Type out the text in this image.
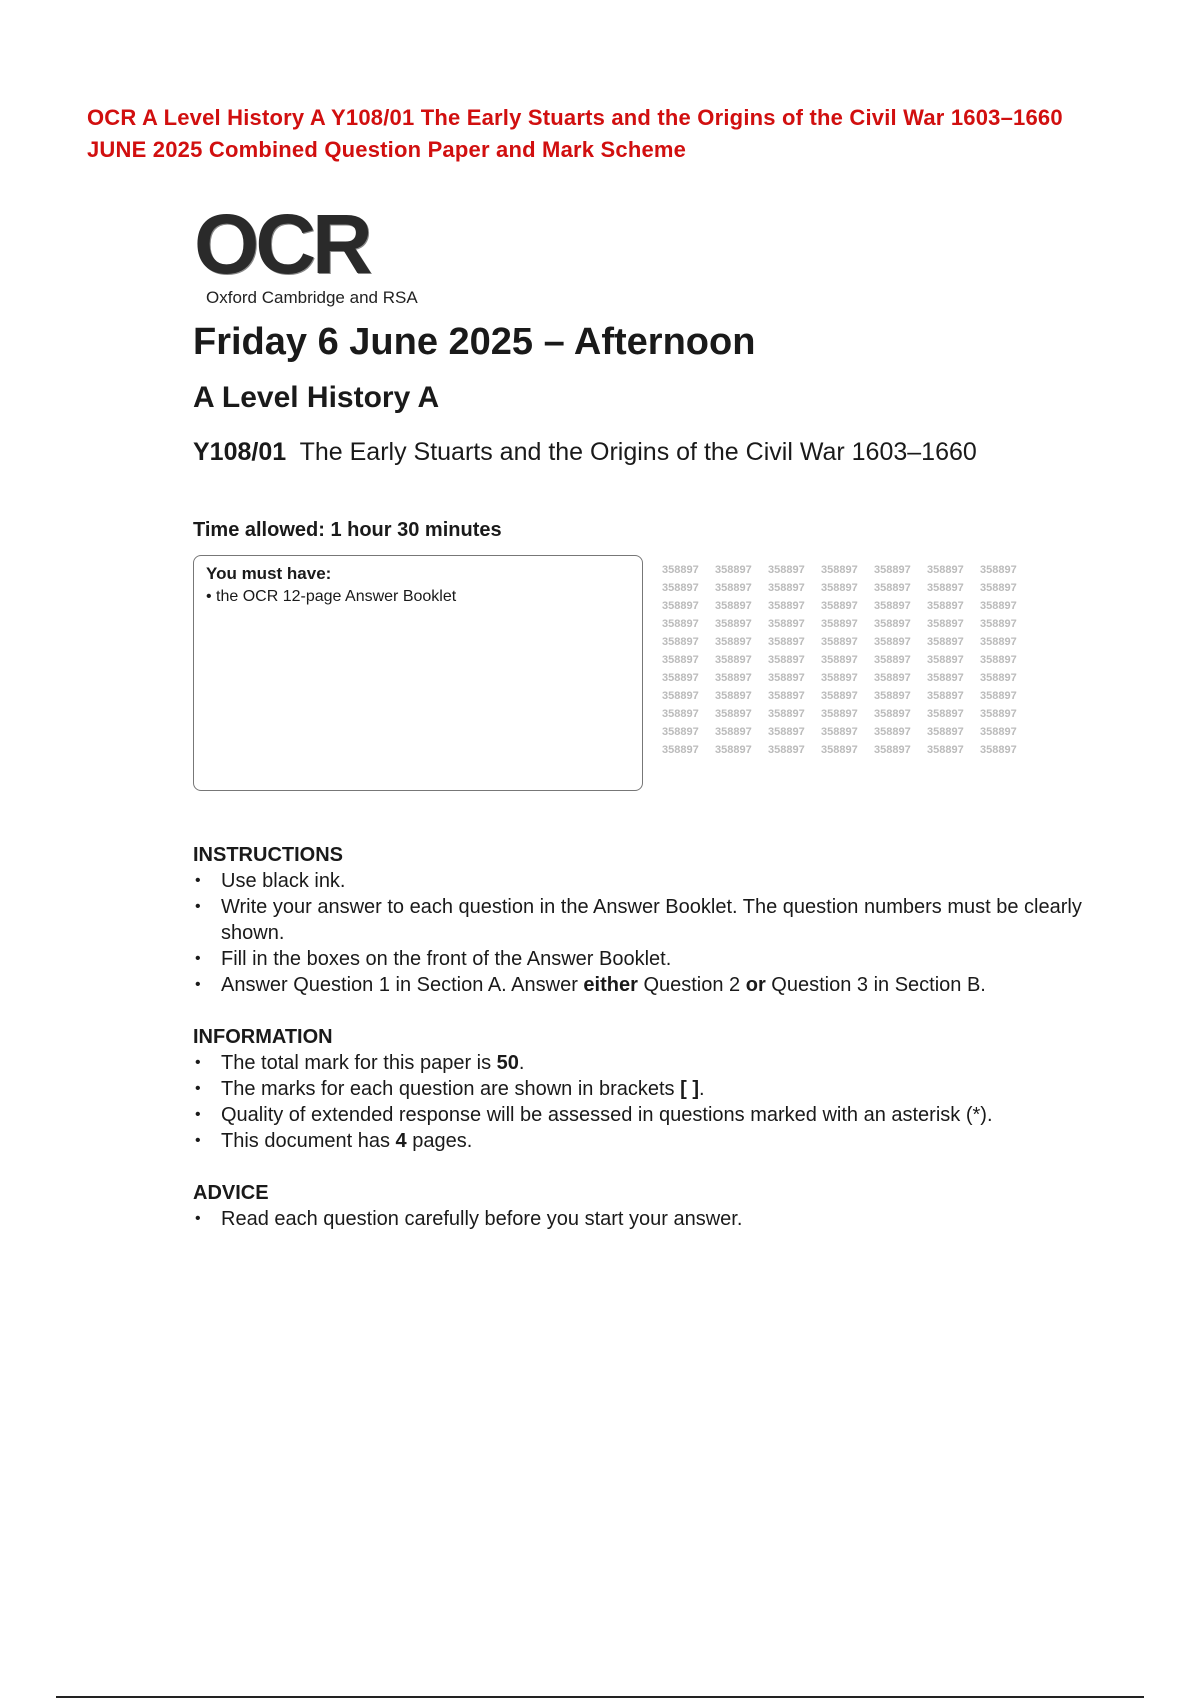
OCR A Level History A Y108/01 The Early Stuarts and the Origins of the Civil War 1603–1660 JUNE 2025 Combined Question Paper and Mark Scheme
OCR
Oxford Cambridge and RSA
358897
358897
358897
358897
358897
358897
358897
358897
358897
358897
358897
358897
358897
358897
358897
358897
358897
358897
358897
358897
358897
358897
358897
358897
358897
358897
358897
358897
358897
358897
358897
358897
358897
358897
358897
358897
358897
358897
358897
358897
358897
358897
358897
358897
358897
358897
358897
358897
358897
358897
358897
358897
358897
358897
358897
358897
358897
358897
358897
358897
358897
358897
358897
358897
358897
358897
358897
358897
358897
358897
358897
358897
358897
358897
358897
358897
358897
Friday 6 June 2025 – Afternoon
A Level History A
Y108/01 The Early Stuarts and the Origins of the Civil War 1603–1660
Time allowed: 1 hour 30 minutes
You must have:
• the OCR 12-page Answer Booklet
INSTRUCTIONS
• Use black ink.
• Write your answer to each question in the Answer Booklet. The question numbers must be clearly shown.
• Fill in the boxes on the front of the Answer Booklet.
• Answer Question 1 in Section A. Answer either Question 2 or Question 3 in Section B.
INFORMATION
• The total mark for this paper is 50.
• The marks for each question are shown in brackets [ ].
• Quality of extended response will be assessed in questions marked with an asterisk (*).
• This document has 4 pages.
ADVICE
• Read each question carefully before you start your answer.
